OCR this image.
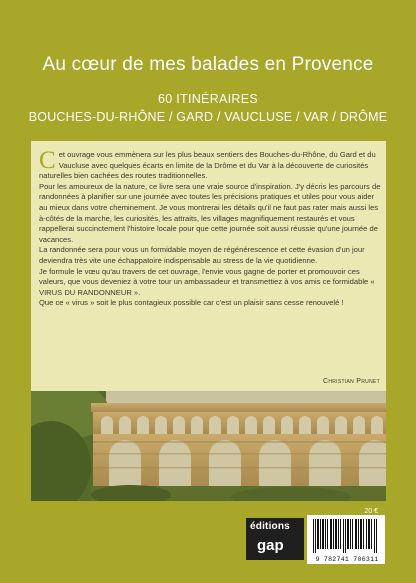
Au cœur de mes balades en Provence
60 ITINÉRAIRES
BOUCHES-DU-RHÔNE / GARD / VAUCLUSE / VAR / DRÔME

Cet ouvrage vous emmènera sur les plus beaux sentiers des Bouches-du-Rhône, du Gard et du Vaucluse avec quelques écarts en limite de la Drôme et du Var à la découverte de curiosités naturelles bien cachées des routes traditionnelles.

Pour les amoureux de la nature, ce livre sera une vraie source d'inspiration. J'y décris les parcours de randonnées à planifier sur une journée avec toutes les précisions pratiques et utiles pour vous aider au mieux dans votre cheminement. Je vous montrerai les détails qu'il ne faut pas rater mais aussi les à-côtés de la marche, les curiosités, les attraits, les villages magnifiquement restaurés et vous rappellerai succinctement l'histoire locale pour que cette journée soit aussi réussie qu'une journée de vacances.

La randonnée sera pour vous un formidable moyen de régénérescence et cette évasion d'un jour deviendra très vite une échappatoire indispensable au stress de la vie quotidienne.

Je formule le vœu qu'au travers de cet ouvrage, l'envie vous gagne de porter et promouvoir ces valeurs, que vous deveniez à votre tour un ambassadeur et transmettiez à vos amis ce formidable « VIRUS DU RANDONNEUR ».

Que ce « virus » soit le plus contagieux possible car c'est un plaisir sans cesse renouvelé !

Christian Prunet
20 €
éditions
gap
9 782741 706311
